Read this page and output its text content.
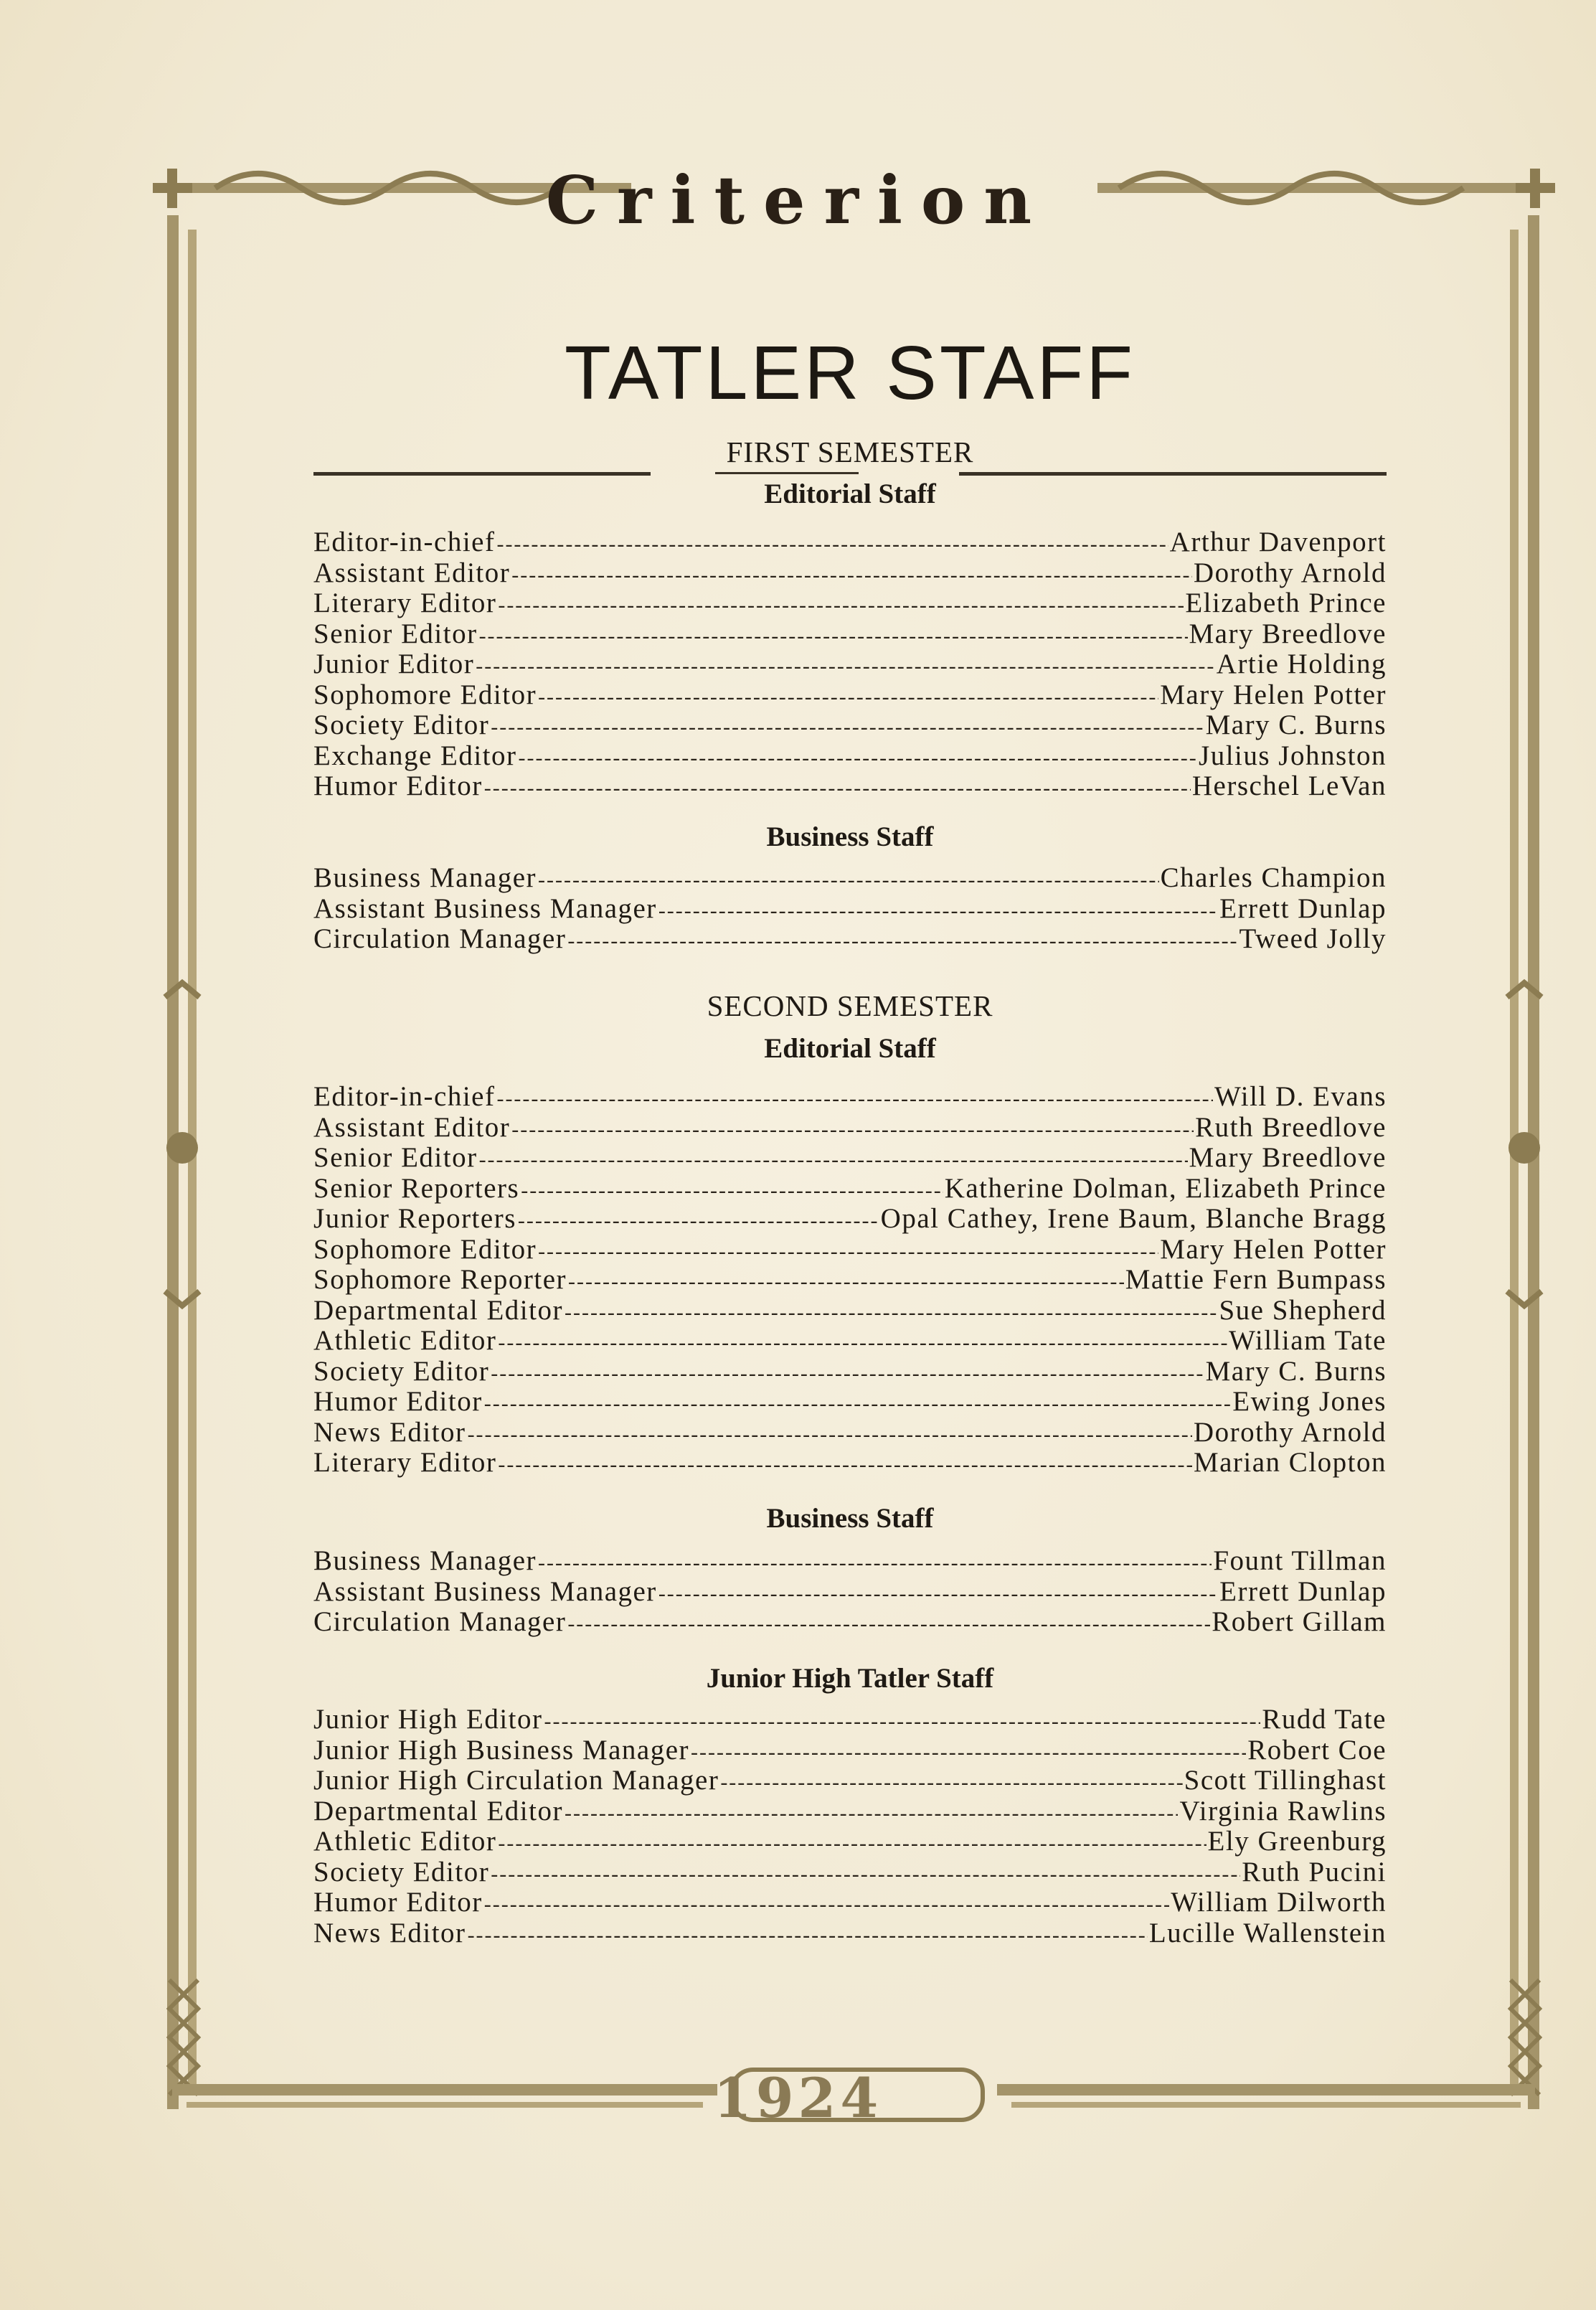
Criterion
1924
TATLER STAFF
FIRST SEMESTER
Editorial Staff
Editor-in-chief -----	Arthur Davenport
Assistant Editor -----	Dorothy Arnold
Literary Editor -----	Elizabeth Prince
Senior Editor -----	Mary Breedlove
Junior Editor -----	Artie Holding
Sophomore Editor -----	Mary Helen Potter
Society Editor -----	Mary C. Burns
Exchange Editor -----	Julius Johnston
Humor Editor -----	Herschel LeVan
Business Staff
Business Manager -----	Charles Champion
Assistant Business Manager -----	Errett Dunlap
Circulation Manager -----	Tweed Jolly
SECOND SEMESTER
Editorial Staff
Editor-in-chief -----	Will D. Evans
Assistant Editor -----	Ruth Breedlove
Senior Editor -----	Mary Breedlove
Senior Reporters -----	Katherine Dolman, Elizabeth Prince
Junior Reporters -----	Opal Cathey, Irene Baum, Blanche Bragg
Sophomore Editor -----	Mary Helen Potter
Sophomore Reporter -----	Mattie Fern Bumpass
Departmental Editor -----	Sue Shepherd
Athletic Editor -----	William Tate
Society Editor -----	Mary C. Burns
Humor Editor -----	Ewing Jones
News Editor -----	Dorothy Arnold
Literary Editor -----	Marian Clopton
Business Staff
Business Manager -----	Fount Tillman
Assistant Business Manager -----	Errett Dunlap
Circulation Manager -----	Robert Gillam
Junior High Tatler Staff
Junior High Editor -----	Rudd Tate
Junior High Business Manager -----	Robert Coe
Junior High Circulation Manager -----	Scott Tillinghast
Departmental Editor -----	Virginia Rawlins
Athletic Editor -----	Ely Greenburg
Society Editor -----	Ruth Pucini
Humor Editor -----	William Dilworth
News Editor -----	Lucille Wallenstein
